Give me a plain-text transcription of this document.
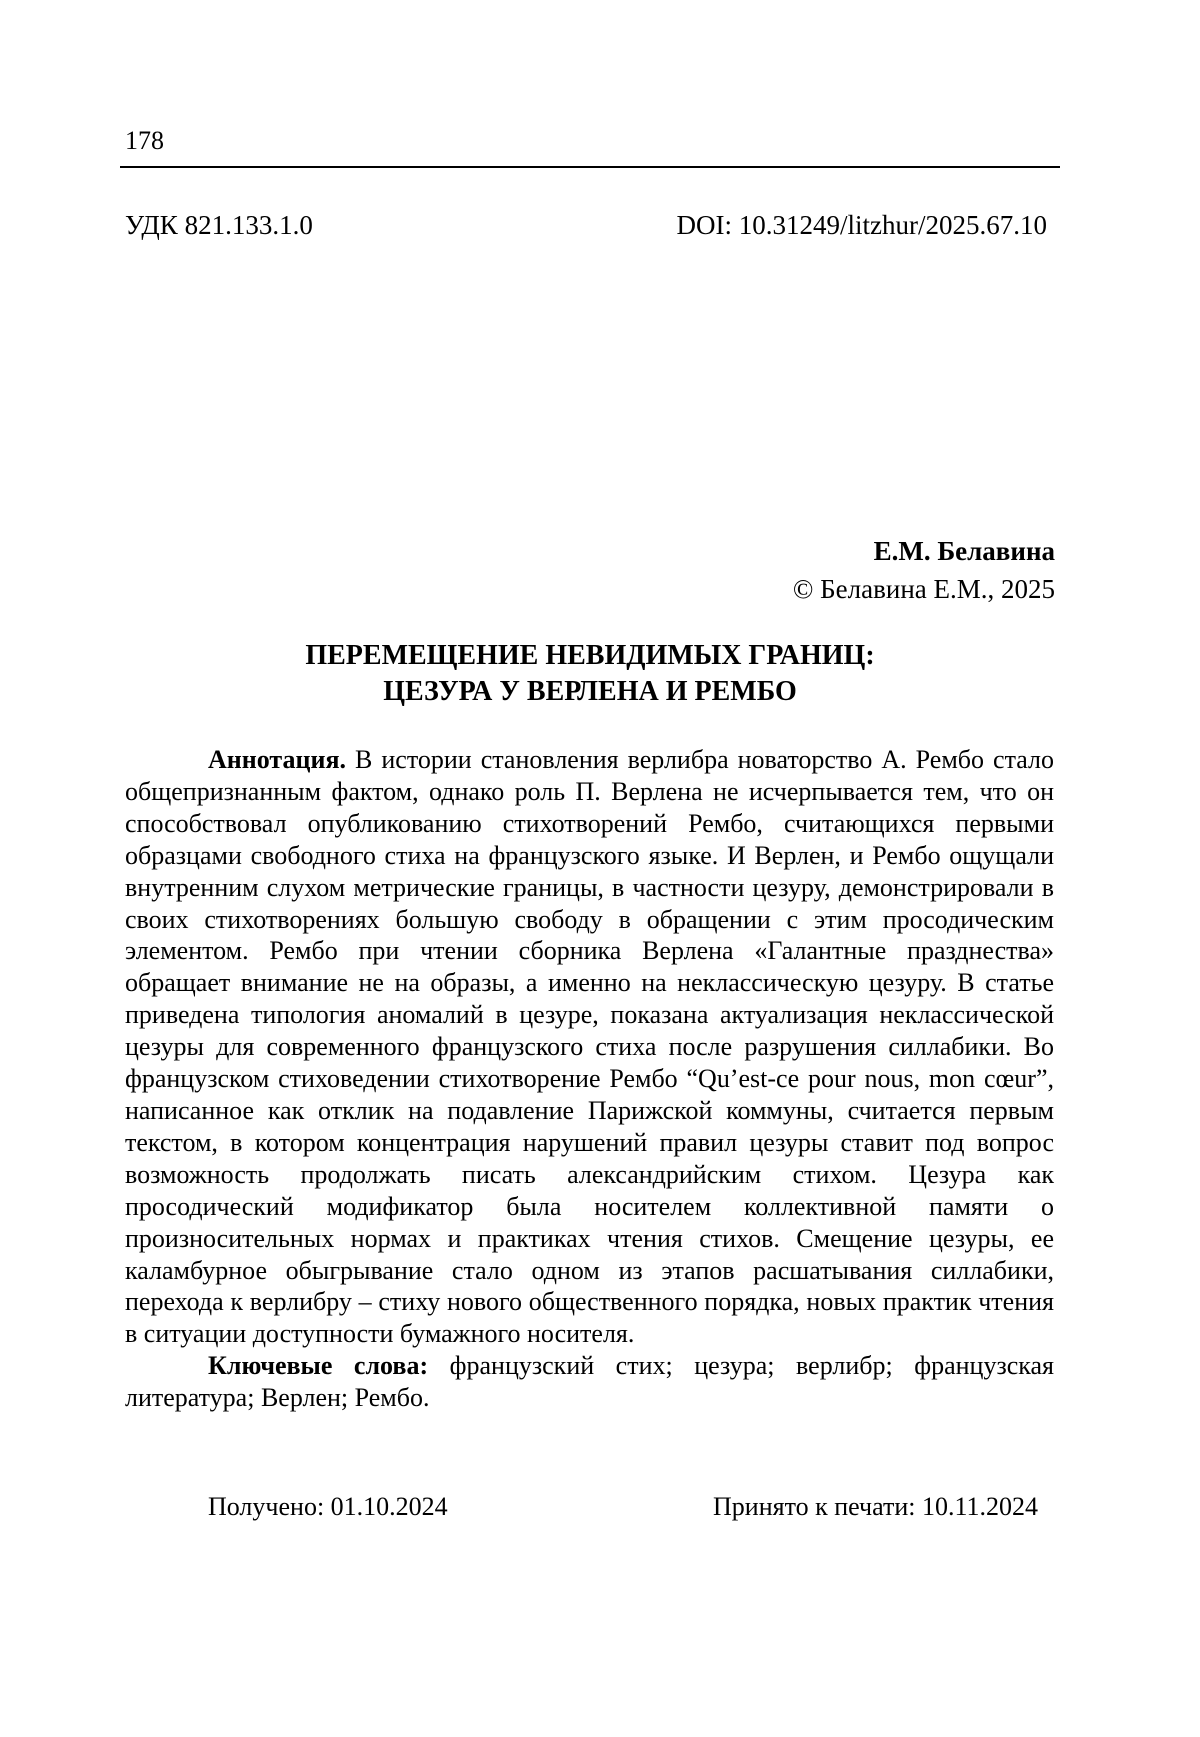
178
УДК 821.133.1.0	DOI: 10.31249/litzhur/2025.67.10
Е.М. Белавина
© Белавина Е.М., 2025
ПЕРЕМЕЩЕНИЕ НЕВИДИМЫХ ГРАНИЦ:
ЦЕЗУРА У ВЕРЛЕНА И РЕМБО

Аннотация. В истории становления верлибра новаторство А. Рембо стало общепризнанным фактом, однако роль П. Верлена не исчерпывается тем, что он способствовал опубликованию стихотворений Рембо, считающихся первыми образцами свободного стиха на французского языке. И Верлен, и Рембо ощущали внутренним слухом метрические границы, в частности цезуру, демонстрировали в своих стихотворениях большую свободу в обращении с этим просодическим элементом. Рембо при чтении сборника Верлена «Галантные празднества» обращает внимание не на образы, а именно на неклассическую цезуру. В статье приведена типология аномалий в цезуре, показана актуализация неклассической цезуры для современного французского стиха после разрушения силлабики. Во французском стиховедении стихотворение Рембо “Qu’est-ce pour nous, mon cœur”, написанное как отклик на подавление Парижской коммуны, считается первым текстом, в котором концентрация нарушений правил цезуры ставит под вопрос возможность продолжать писать александрийским стихом. Цезура как просодический модификатор была носителем коллективной памяти о произносительных нормах и практиках чтения стихов. Смещение цезуры, ее каламбурное обыгрывание стало одном из этапов расшатывания силлабики, перехода к верлибру – стиху нового общественного порядка, новых практик чтения в ситуации доступности бумажного носителя.

Ключевые слова: французский стих; цезура; верлибр; французская литература; Верлен; Рембо.

Получено: 01.10.2024	Принято к печати: 10.11.2024
